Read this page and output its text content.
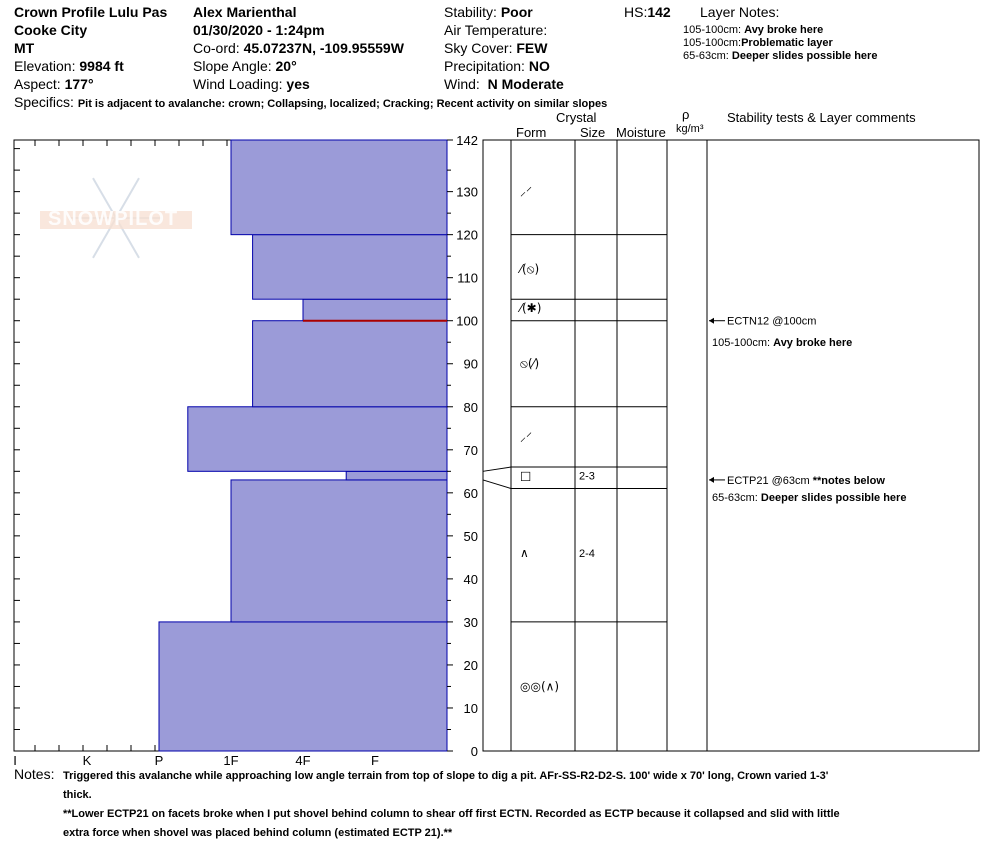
Crown Profile Lulu Pas
Cooke City
MT
Elevation: 9984 ft
Aspect: 177°
Alex Marienthal
01/30/2020 - 1:24pm
Co-ord: 45.07237N, -109.95559W
Slope Angle: 20°
Wind Loading: yes
Stability: Poor
Air Temperature:
Sky Cover: FEW
Precipitation: NO
Wind: N Moderate
HS:142 Layer Notes:
105-100cm: Avy broke here
105-100cm:Problematic layer
65-63cm: Deeper slides possible here
Specifics: Pit is adjacent to avalanche: crown; Collapsing, localized; Cracking; Recent activity on similar slopes
Crystal
Form	Size Moisture
ρ
kg/m³
Stability tests & Layer comments
I	K	P	1F	4F	F
0
10
20
30
40
50
60
70
80
90
100
110
120
130
142
◎◎(∧)
∧	2-4
□	2-3
⸝⸍
⦸(⁄)
⁄(✱)
⁄(⦸)
⸝⸍
ECTN12 @100cm
ECTP21 @63cm **notes below
105-100cm: Avy broke here
65-63cm: Deeper slides possible here
SNOWPILOT
Notes: Triggered this avalanche while approaching low angle terrain from top of slope to dig a pit. AFr-SS-R2-D2-S. 100' wide x 70' long, Crown varied 1-3'
thick.
**Lower ECTP21 on facets broke when I put shovel behind column to shear off first ECTN. Recorded as ECTP because it collapsed and slid with little
extra force when shovel was placed behind column (estimated ECTP 21).**
